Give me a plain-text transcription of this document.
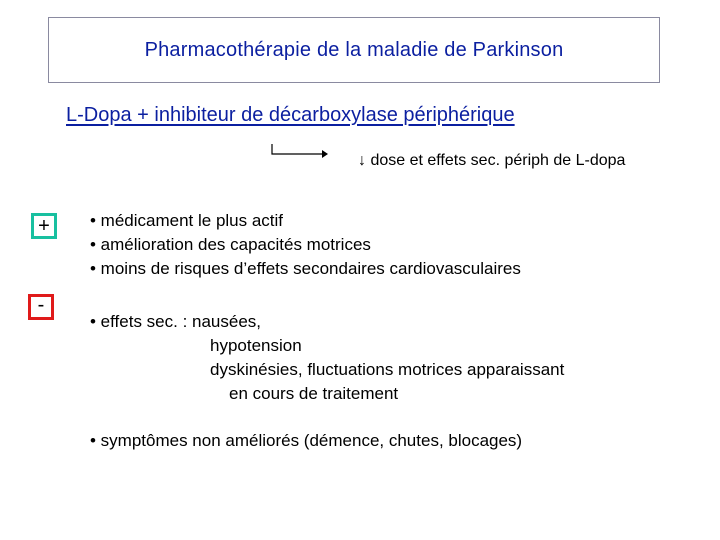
Pharmacothérapie de la maladie de Parkinson
L-Dopa + inhibiteur de décarboxylase périphérique
↓ dose et effets sec. périph de L-dopa
+
-
• médicament le plus actif
• amélioration des capacités motrices
• moins de risques d’effets secondaires cardiovasculaires
• effets sec. : nausées,
hypotension
dyskinésies, fluctuations motrices apparaissant
en cours de traitement
• symptômes non améliorés (démence, chutes, blocages)
